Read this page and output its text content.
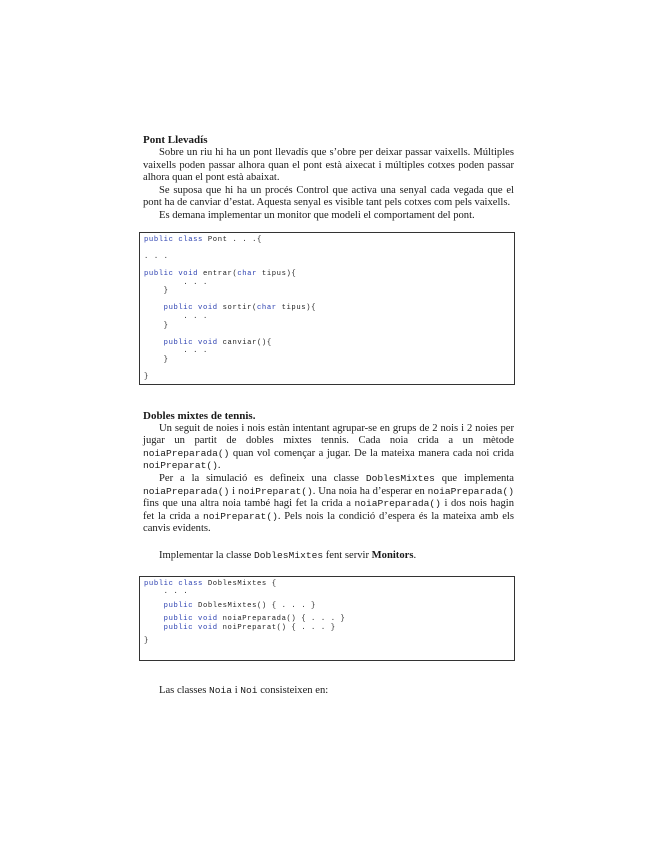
Pont Llevadís

Sobre un riu hi ha un pont llevadís que s’obre per deixar passar vaixells. Múltiples vaixells poden passar alhora quan el pont està aixecat i múltiples cotxes poden passar alhora quan el pont està abaixat.

Se suposa que hi ha un procés Control que activa una senyal cada vegada que el pont ha de canviar d’estat. Aquesta senyal es visible tant pels cotxes com pels vaixells.

Es demana implementar un monitor que modeli el comportament del pont.

public class Pont . . .{
. . .
public void entrar(char tipus){
. . .
}
public void sortir(char tipus){
. . .
}
public void canviar(){
. . .
}
}
Dobles mixtes de tennis.

Un seguit de noies i nois estàn intentant agrupar-se en grups de 2 nois i 2 noies per jugar un partit de dobles mixtes tennis. Cada noia crida a un mètode noiaPreparada() quan vol començar a jugar. De la mateixa manera cada noi crida noiPreparat().

Per a la simulació es defineix una classe DoblesMixtes que implementa noiaPreparada() i noiPreparat(). Una noia ha d’esperar en noiaPreparada() fins que una altra noia també hagi fet la crida a noiaPreparada() i dos nois hagin fet la crida a noiPreparat(). Pels nois la condició d’espera és la mateixa amb els canvis evidents.

Implementar la classe DoblesMixtes fent servir Monitors.

public class DoblesMixtes {
. . .
public DoblesMixtes() { . . . }
public void noiaPreparada() { . . . }
public void noiPreparat() { . . . }
}

Las classes Noia i Noi consisteixen en:
